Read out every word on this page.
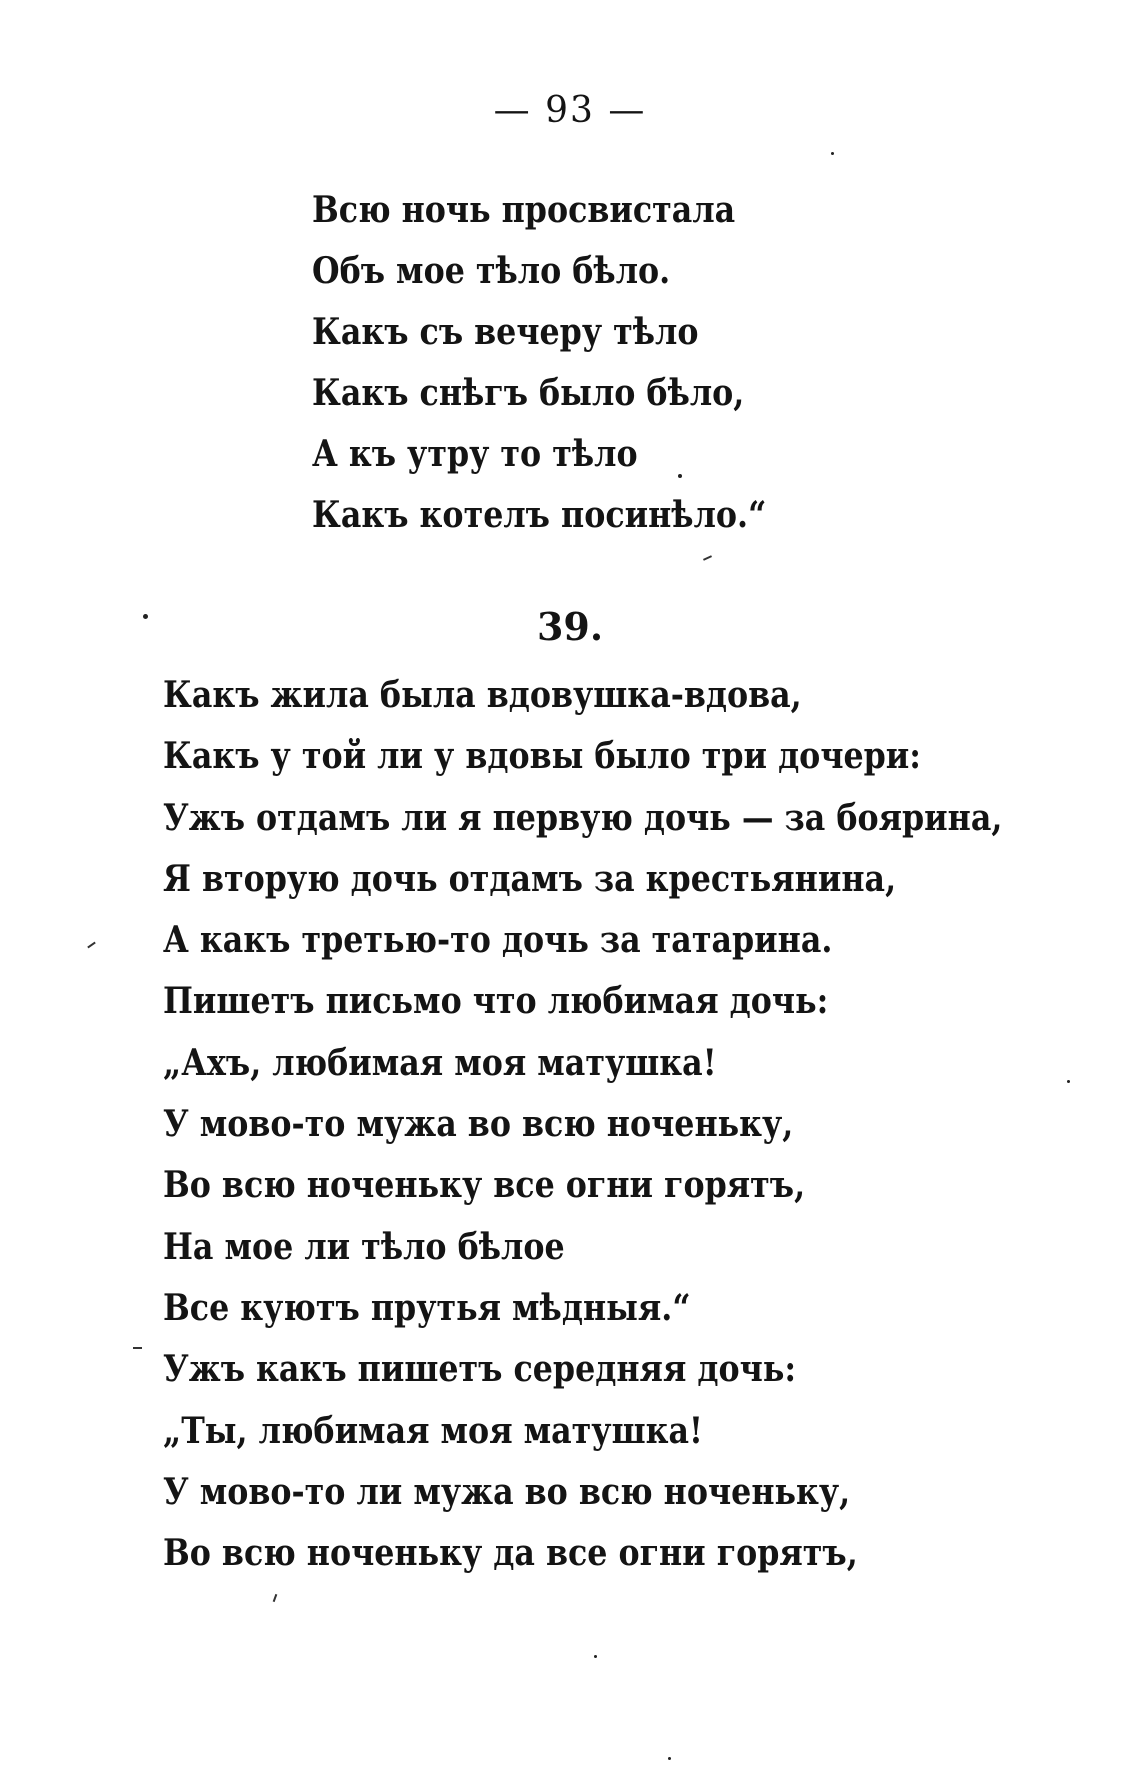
— 93 —
Всю ночь просвистала
Объ мое тѣло бѣло.
Какъ съ вечеру тѣло
Какъ снѣгъ было бѣло,
А къ утру то тѣло
Какъ котелъ посинѣло.“
39.
Какъ жила была вдовушка-вдова,
Какъ у той ли у вдовы было три дочери:
Ужъ отдамъ ли я первую дочь — за боярина,
Я вторую дочь отдамъ за крестьянина,
А какъ третью-то дочь за татарина.
Пишетъ письмо что любимая дочь:
„Ахъ, любимая моя матушка!
У мово-то мужа во всю ноченьку,
Во всю ноченьку все огни горятъ,
На мое ли тѣло бѣлое
Все куютъ прутья мѣдныя.“
Ужъ какъ пишетъ середняя дочь:
„Ты, любимая моя матушка!
У мово-то ли мужа во всю ноченьку,
Во всю ноченьку да все огни горятъ,
